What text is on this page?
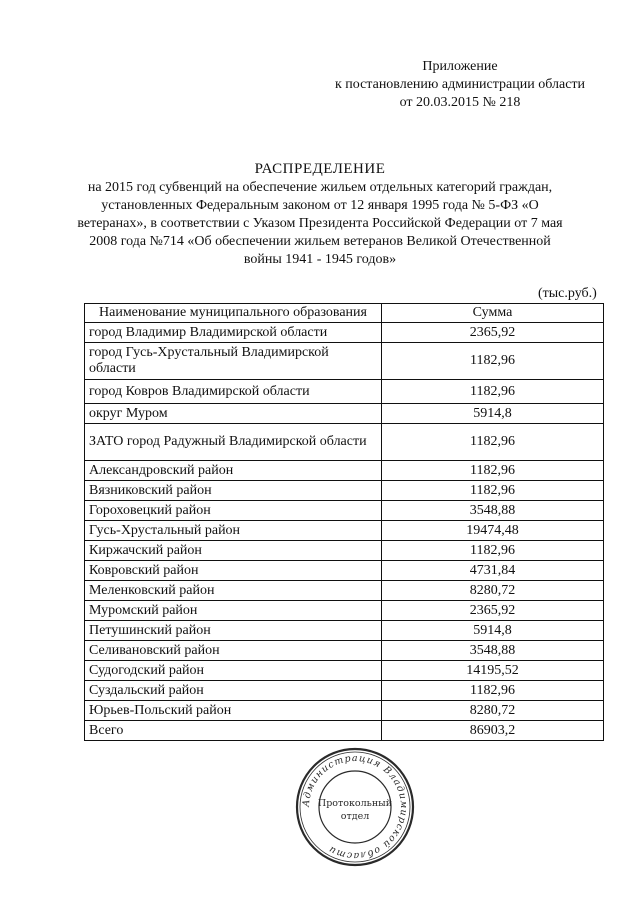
Приложение
к постановлению администрации области
от 20.03.2015 № 218
РАСПРЕДЕЛЕНИЕ
на 2015 год субвенций на обеспечение жильем отдельных категорий граждан,
установленных Федеральным законом от 12 января 1995 года № 5-ФЗ «О
ветеранах», в соответствии с Указом Президента Российской Федерации от 7 мая
2008 года №714 «Об обеспечении жильем ветеранов Великой Отечественной
войны 1941 - 1945 годов»
(тыс.руб.)
Наименование муниципального образования	Сумма
город Владимир Владимирской области	2365,92
город Гусь-Хрустальный Владимирской области	1182,96
город Ковров Владимирской области	1182,96
округ Муром	5914,8
ЗАТО город Радужный Владимирской области	1182,96
Александровский район	1182,96
Вязниковский район	1182,96
Гороховецкий район	3548,88
Гусь-Хрустальный район	19474,48
Киржачский район	1182,96
Ковровский район	4731,84
Меленковский район	8280,72
Муромский район	2365,92
Петушинский район	5914,8
Селивановский район	3548,88
Судогодский район	14195,52
Суздальский район	1182,96
Юрьев-Польский район	8280,72
Всего	86903,2
Администрация Владимирской области
Протокольный
отдел
